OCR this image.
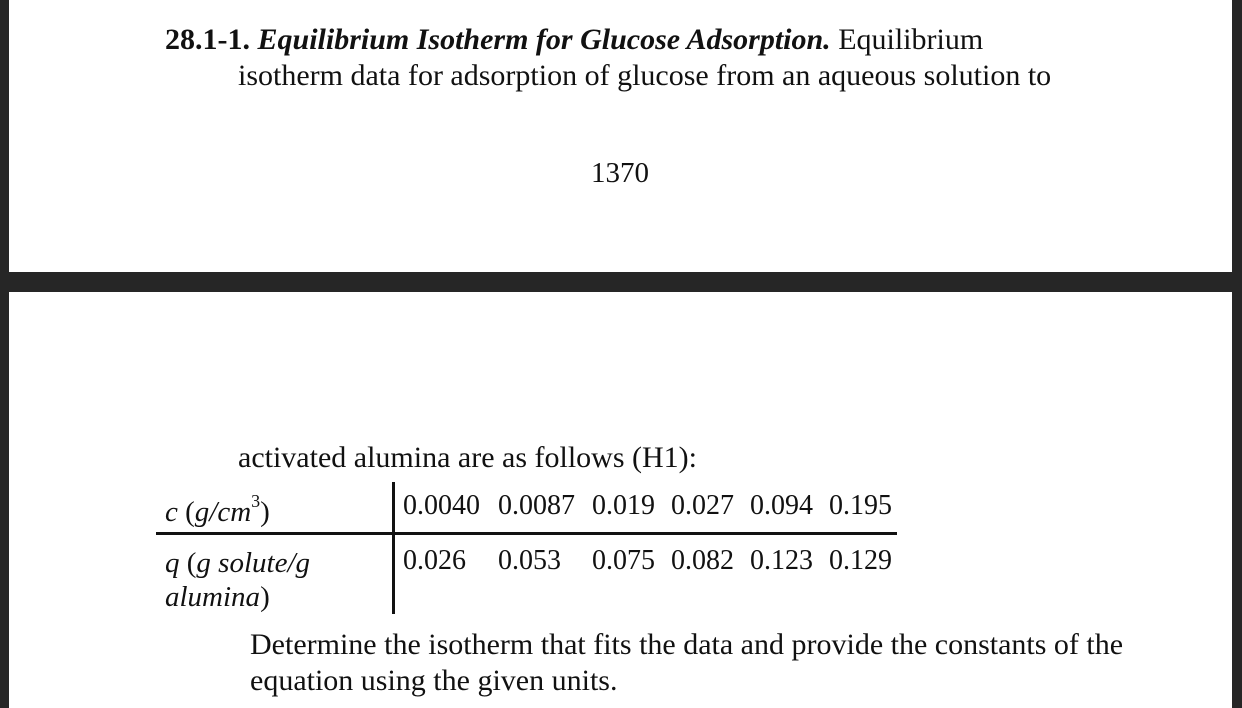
28.1-1. Equilibrium Isotherm for Glucose Adsorption. Equilibrium
isotherm data for adsorption of glucose from an aqueous solution to
1370
activated alumina are as follows (H1):
c $(g/cm^3)$
q (g solute/g
alumina)
0.0040 0.0087 0.019 0.027 0.094 0.195
0.026	0.053	0.075 0.082 0.123 0.129
Determine the isotherm that fits the data and provide the constants of the equation using the given units.
